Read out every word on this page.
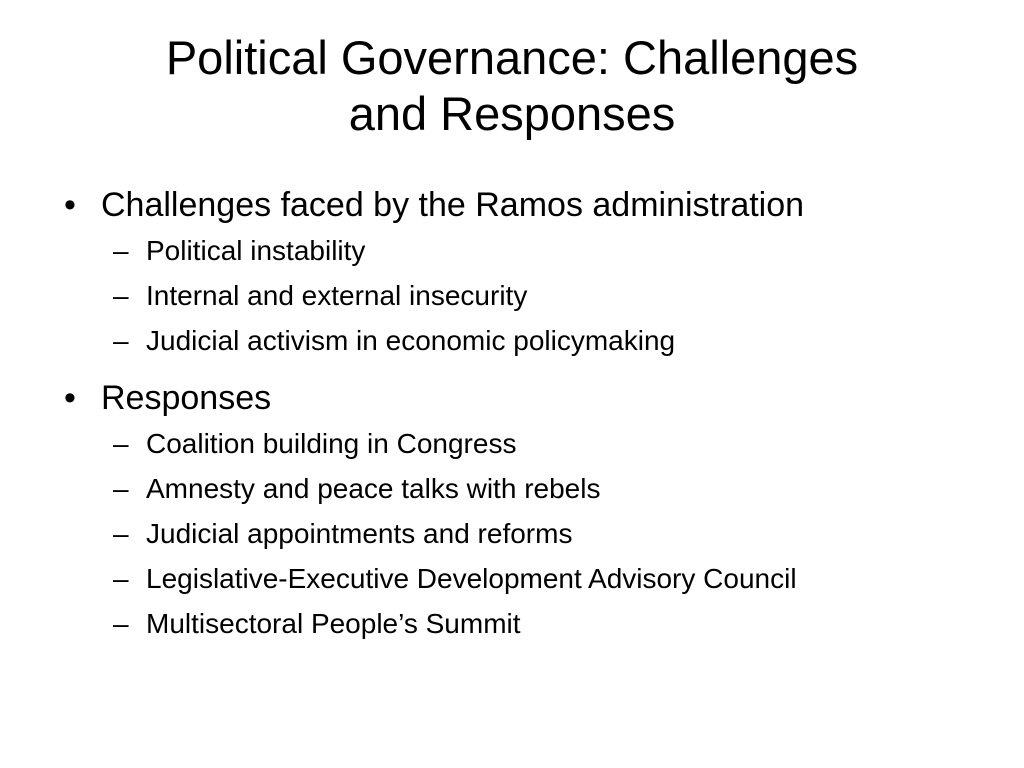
Political Governance: Challenges
and Responses
• Challenges faced by the Ramos administration
– Political instability
– Internal and external insecurity
– Judicial activism in economic policymaking
• Responses
– Coalition building in Congress
– Amnesty and peace talks with rebels
– Judicial appointments and reforms
– Legislative-Executive Development Advisory Council
– Multisectoral People’s Summit
